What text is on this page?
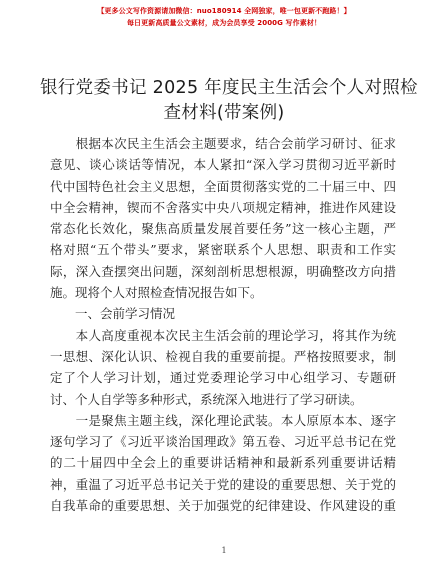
【更多公文写作资源请加微信：nuo180914 全网独家，唯一包更新不跑路！】
每日更新高质量公文素材，成为会员享受 2000G 写作素材！
银行党委书记 2025 年度民主生活会个人对照检
查材料(带案例)
　　根据本次民主生活会主题要求，结合会前学习研讨、征求
意见、谈心谈话等情况，本人紧扣“深入学习贯彻习近平新时
代中国特色社会主义思想，全面贯彻落实党的二十届三中、四
中全会精神，锲而不舍落实中央八项规定精神，推进作风建设
常态化长效化，聚焦高质量发展首要任务”这一核心主题，严
格对照“五个带头”要求，紧密联系个人思想、职责和工作实
际，深入查摆突出问题，深刻剖析思想根源，明确整改方向措
施。现将个人对照检查情况报告如下。
　　一、会前学习情况
　　本人高度重视本次民主生活会前的理论学习，将其作为统
一思想、深化认识、检视自我的重要前提。严格按照要求，制
定了个人学习计划，通过党委理论学习中心组学习、专题研
讨、个人自学等多种形式，系统深入地进行了学习研读。
　　一是聚焦主题主线，深化理论武装。本人原原本本、逐字
逐句学习了《习近平谈治国理政》第五卷、习近平总书记在党
的二十届四中全会上的重要讲话精神和最新系列重要讲话精
神，重温了习近平总书记关于党的建设的重要思想、关于党的
自我革命的重要思想、关于加强党的纪律建设、作风建设的重
1
